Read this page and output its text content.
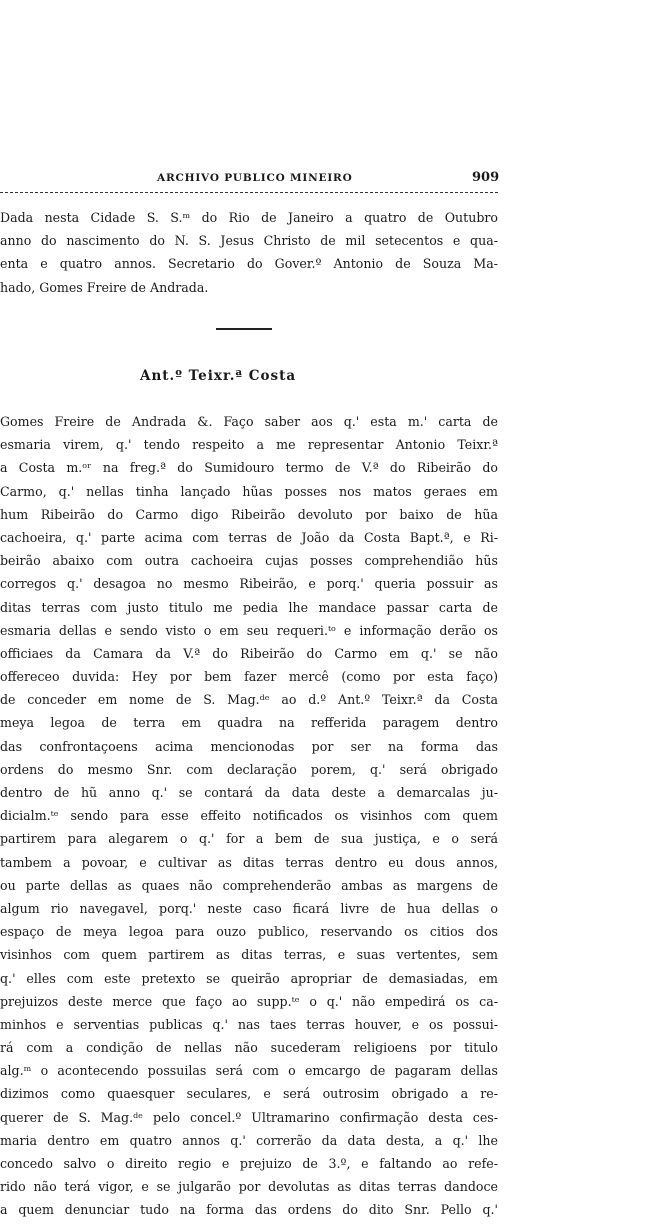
ARCHIVO PUBLICO MINEIRO	909
Dada nesta Cidade S. S.ᵐ do Rio de Janeiro a quatro de Outubro
anno do nascimento do N. S. Jesus Christo de mil setecentos e qua-
enta e quatro annos. Secretario do Gover.º Antonio de Souza Ma-
hado, Gomes Freire de Andrada.
Ant.º Teixr.ª Costa
Gomes Freire de Andrada &. Faço saber aos q.' esta m.' carta de
esmaria virem, q.' tendo respeito a me representar Antonio Teixr.ª
a Costa m.ᵒʳ na freg.ª do Sumidouro termo de V.ª do Ribeirão do
Carmo, q.' nellas tinha lançado hũas posses nos matos geraes em
hum Ribeirão do Carmo digo Ribeirão devoluto por baixo de hũa
cachoeira, q.' parte acima com terras de João da Costa Bapt.ª, e Ri-
beirão abaixo com outra cachoeira cujas posses comprehendião hũs
corregos q.' desagoa no mesmo Ribeirão, e porq.' queria possuir as
ditas terras com justo titulo me pedia lhe mandace passar carta de
esmaria dellas e sendo visto o em seu requeri.ᵗᵒ e informação derão os
officiaes da Camara da V.ª do Ribeirão do Carmo em q.' se não
offereceo duvida: Hey por bem fazer mercê (como por esta faço)
de conceder em nome de S. Mag.ᵈᵉ ao d.º Ant.º Teixr.ª da Costa
meya legoa de terra em quadra na refferida paragem dentro
das confrontaçoens acima mencionodas por ser na forma das
ordens do mesmo Snr. com declaração porem, q.' será obrigado
dentro de hũ anno q.' se contará da data deste a demarcalas ju-
dicialm.ᵗᵉ sendo para esse effeito notificados os visinhos com quem
partirem para alegarem o q.' for a bem de sua justiça, e o será
tambem a povoar, e cultivar as ditas terras dentro eu dous annos,
ou parte dellas as quaes não comprehenderão ambas as margens de
algum rio navegavel, porq.' neste caso ficará livre de hua dellas o
espaço de meya legoa para ouzo publico, reservando os citios dos
visinhos com quem partirem as ditas terras, e suas vertentes, sem
q.' elles com este pretexto se queirão apropriar de demasiadas, em
prejuizos deste merce que faço ao supp.ᵗᵉ o q.' não empedirá os ca-
minhos e serventias publicas q.' nas taes terras houver, e os possui-
rá com a condição de nellas não sucederam religioens por titulo
alg.ᵐ o acontecendo possuilas será com o emcargo de pagaram dellas
dizimos como quaesquer seculares, e será outrosim obrigado a re-
querer de S. Mag.ᵈᵉ pelo concel.º Ultramarino confirmação desta ces-
maria dentro em quatro annos q.' correrão da data desta, a q.' lhe
concedo salvo o direito regio e prejuizo de 3.º, e faltando ao refe-
rido não terá vigor, e se julgarão por devolutas as ditas terras dandoce
a quem denunciar tudo na forma das ordens do dito Snr. Pello q.'
